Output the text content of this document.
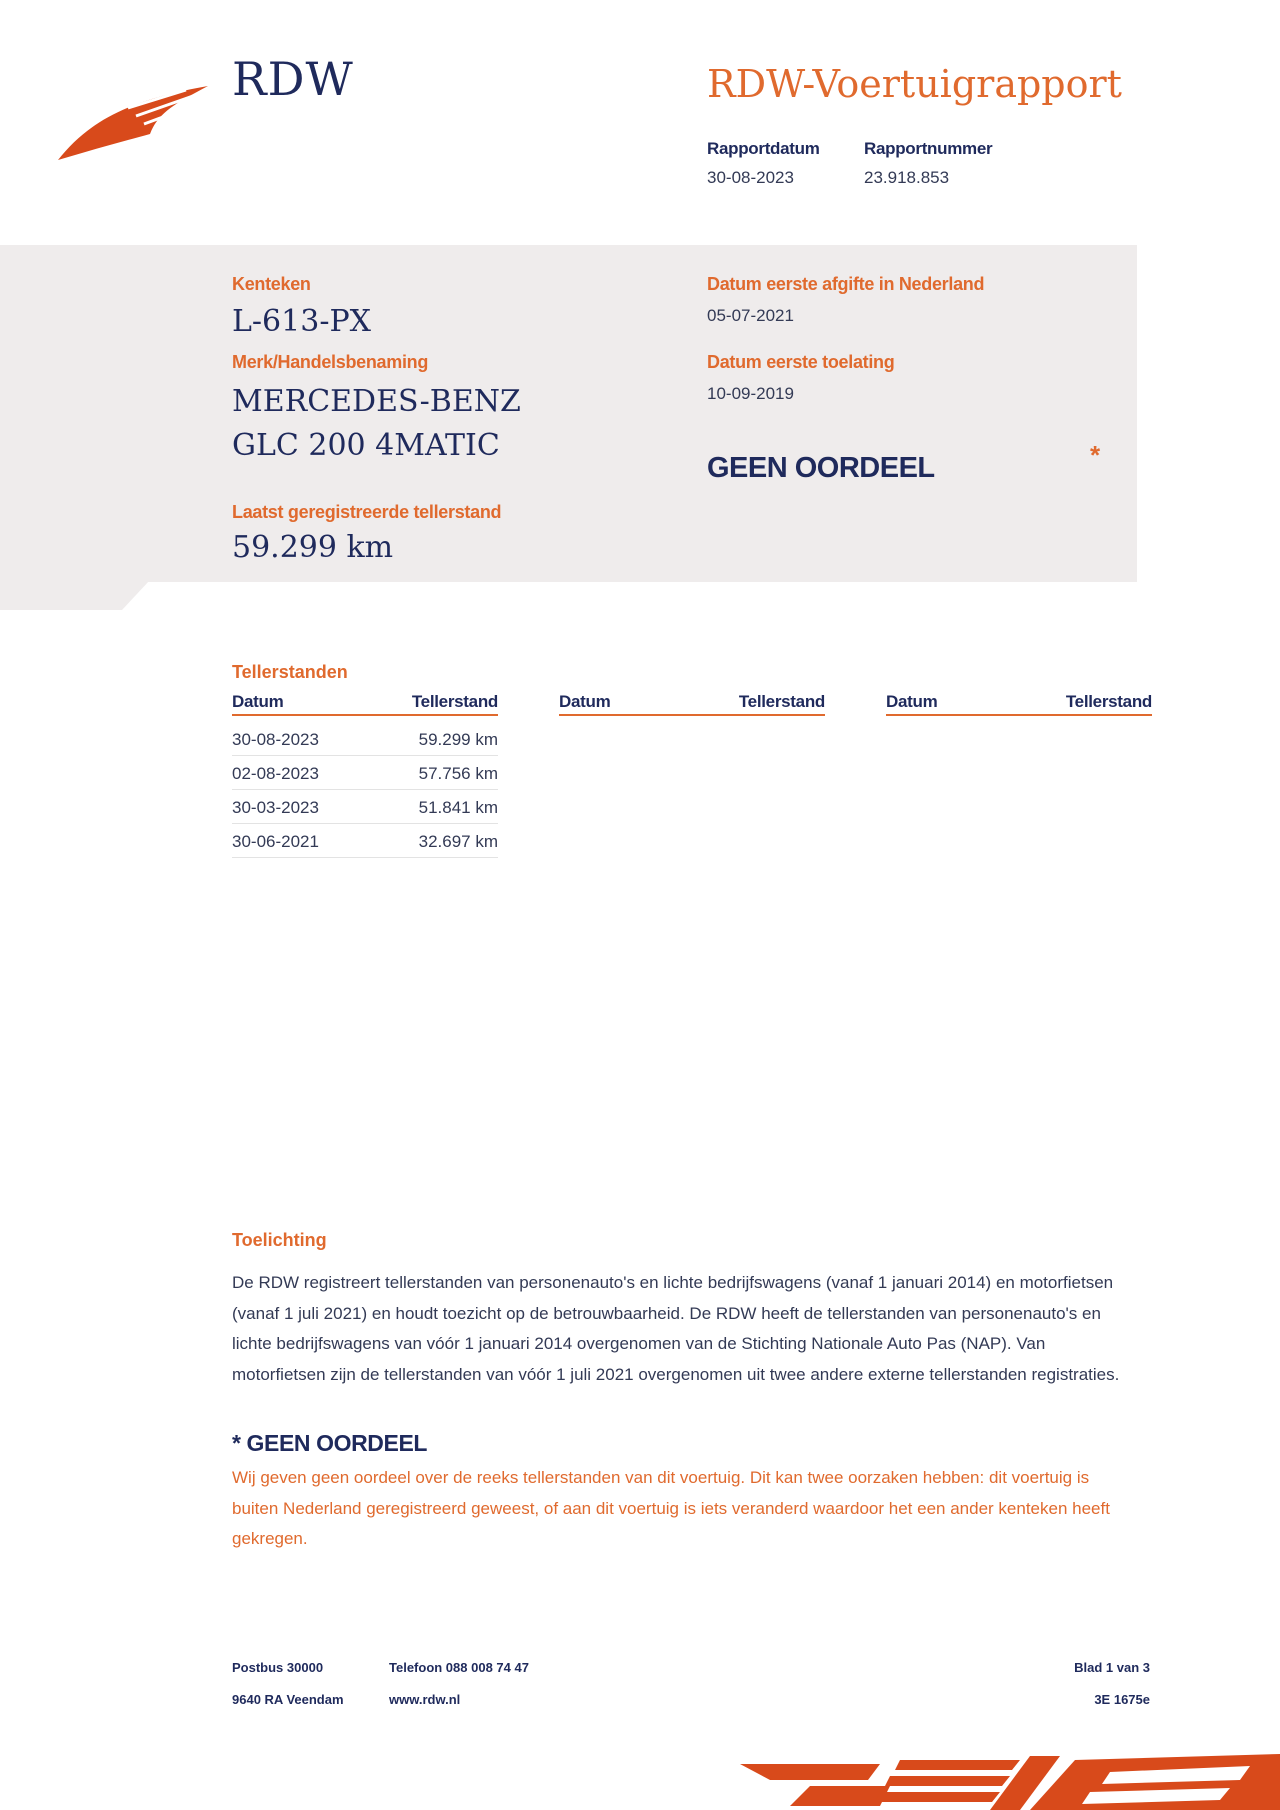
RDW	RDW-Voertuigrapport
Rapportdatum
30-08-2023
Rapportnummer
23.918.853
Kenteken
L-613-PX
Merk/Handelsbenaming
MERCEDES-BENZ
GLC 200 4MATIC
Laatst geregistreerde tellerstand
59.299 km
Datum eerste afgifte in Nederland
05-07-2021
Datum eerste toelating
10-09-2019
GEEN OORDEEL	*
Tellerstanden
Datum	Tellerstand	Datum	Tellerstand	Datum	Tellerstand
30-08-2023	59.299 km
02-08-2023	57.756 km
30-03-2023	51.841 km
30-06-2021	32.697 km
Toelichting
De RDW registreert tellerstanden van personenauto's en lichte bedrijfswagens (vanaf 1 januari 2014) en motorfietsen (vanaf 1 juli 2021) en houdt toezicht op de betrouwbaarheid. De RDW heeft de tellerstanden van personenauto's en lichte bedrijfswagens van vóór 1 januari 2014 overgenomen van de Stichting Nationale Auto Pas (NAP). Van motorfietsen zijn de tellerstanden van vóór 1 juli 2021 overgenomen uit twee andere externe tellerstanden registraties.
* GEEN OORDEEL
Wij geven geen oordeel over de reeks tellerstanden van dit voertuig. Dit kan twee oorzaken hebben: dit voertuig is buiten Nederland geregistreerd geweest, of aan dit voertuig is iets veranderd waardoor het een ander kenteken heeft gekregen.
Postbus 30000
9640 RA Veendam
Telefoon 088 008 74 47
www.rdw.nl
Blad 1 van 3
3E 1675e
